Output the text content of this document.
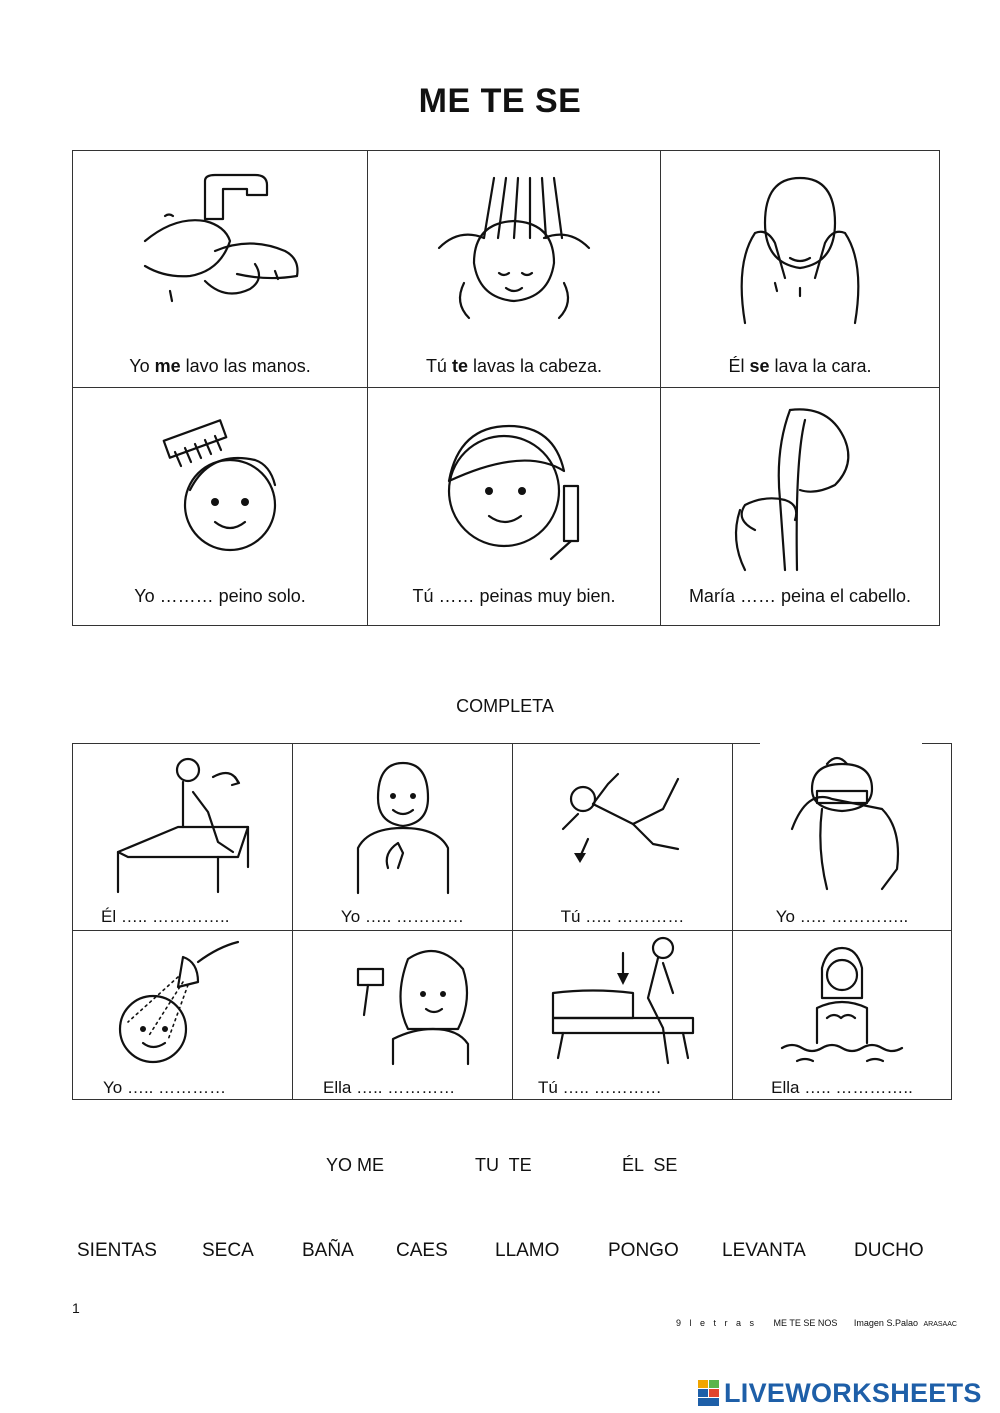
ME TE SE
Yo me lavo las manos.	Tú te lavas la cabeza.	Él se lava la cara.
Yo ……… peino solo.	Tú …… peinas muy bien.	María …… peina el cabello.
COMPLETA
Él ….. …………..	Yo ….. …………	Tú ….. …………	Yo ….. …………..
Yo ….. …………	Ella ….. …………	Tú ….. …………	Ella ….. …………..
YO ME	TU  TE	ÉL  SE
SIENTAS SECA	BAÑA CAES LLAMO	PONGO LEVANTA	DUCHO
1
9 l e t r a s ME TE SE NOS Imagen S.Palao ARASAAC
LIVEWORKSHEETS
